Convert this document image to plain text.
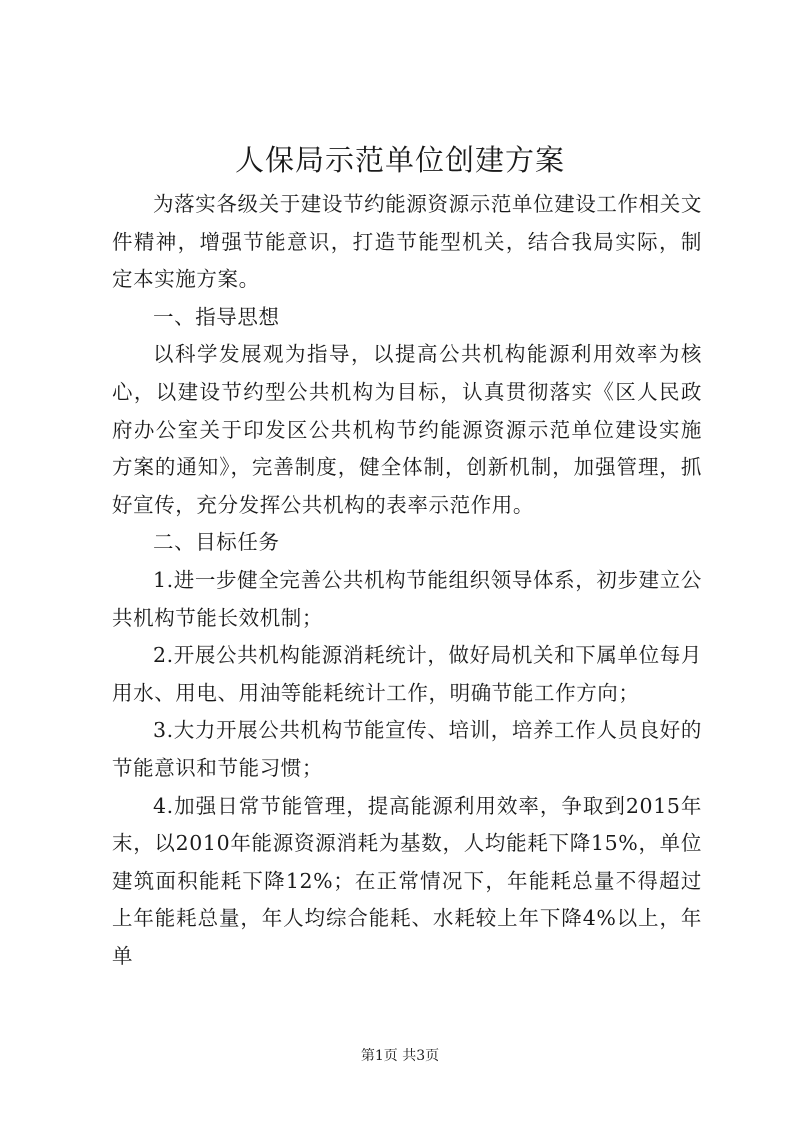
人保局示范单位创建方案

为落实各级关于建设节约能源资源示范单位建设工作相关文件精神，增强节能意识，打造节能型机关，结合我局实际，制定本实施方案。

一、指导思想

以科学发展观为指导，以提高公共机构能源利用效率为核心，以建设节约型公共机构为目标，认真贯彻落实《区人民政府办公室关于印发区公共机构节约能源资源示范单位建设实施方案的通知》，完善制度，健全体制，创新机制，加强管理，抓好宣传，充分发挥公共机构的表率示范作用。

二、目标任务

1.进一步健全完善公共机构节能组织领导体系，初步建立公共机构节能长效机制；

2.开展公共机构能源消耗统计，做好局机关和下属单位每月用水、用电、用油等能耗统计工作，明确节能工作方向；

3.大力开展公共机构节能宣传、培训，培养工作人员良好的节能意识和节能习惯；

4.加强日常节能管理，提高能源利用效率，争取到2015年末，以2010年能源资源消耗为基数，人均能耗下降15%，单位建筑面积能耗下降12%；在正常情况下，年能耗总量不得超过上年能耗总量，年人均综合能耗、水耗较上年下降4%以上，年单

第1页 共3页
